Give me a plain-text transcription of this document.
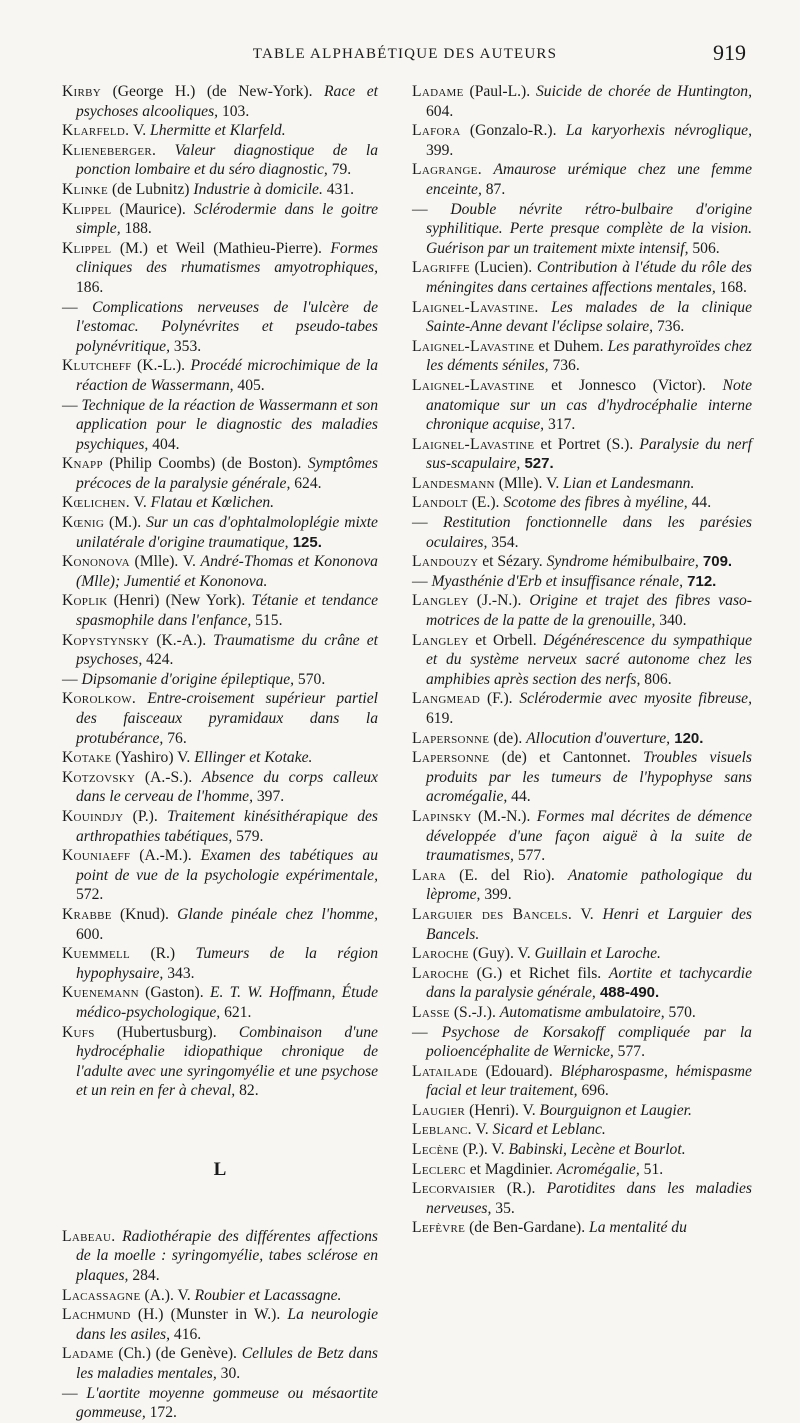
TABLE ALPHABÉTIQUE DES AUTEURS	919

Kirby (George H.) (de New-York). Race et psychoses alcooliques, 103.

Klarfeld. V. Lhermitte et Klarfeld.

Klieneberger. Valeur diagnostique de la ponction lombaire et du séro diagnostic, 79.

Klinke (de Lubnitz) Industrie à domicile. 431.

Klippel (Maurice). Sclérodermie dans le goitre simple, 188.

Klippel (M.) et Weil (Mathieu-Pierre). Formes cliniques des rhumatismes amyotrophiques, 186.

— Complications nerveuses de l'ulcère de l'estomac. Polynévrites et pseudo-tabes polynévritique, 353.

Klutcheff (K.-L.). Procédé microchimique de la réaction de Wassermann, 405.

— Technique de la réaction de Wassermann et son application pour le diagnostic des maladies psychiques, 404.

Knapp (Philip Coombs) (de Boston). Symptômes précoces de la paralysie générale, 624.

Kœlichen. V. Flatau et Kœlichen.

Kœnig (M.). Sur un cas d'ophtalmoloplégie mixte unilatérale d'origine traumatique, 125.

Kononova (Mlle). V. André-Thomas et Kononova (Mlle); Jumentié et Kononova.

Koplik (Henri) (New York). Tétanie et tendance spasmophile dans l'enfance, 515.

Kopystynsky (K.-A.). Traumatisme du crâne et psychoses, 424.

— Dipsomanie d'origine épileptique, 570.

Korolkow. Entre-croisement supérieur partiel des faisceaux pyramidaux dans la protubérance, 76.

Kotake (Yashiro) V. Ellinger et Kotake.

Kotzovsky (A.-S.). Absence du corps calleux dans le cerveau de l'homme, 397.

Kouindjy (P.). Traitement kinésithérapique des arthropathies tabétiques, 579.

Kouniaeff (A.-M.). Examen des tabétiques au point de vue de la psychologie expérimentale, 572.

Krabbe (Knud). Glande pinéale chez l'homme, 600.

Kuemmell (R.) Tumeurs de la région hypophysaire, 343.

Kuenemann (Gaston). E. T. W. Hoffmann, Étude médico-psychologique, 621.

Kufs (Hubertusburg). Combinaison d'une hydrocéphalie idiopathique chronique de l'adulte avec une syringomyélie et une psychose et un rein en fer à cheval, 82.

L

Labeau. Radiothérapie des différentes affections de la moelle : syringomyélie, tabes sclérose en plaques, 284.

Lacassagne (A.). V. Roubier et Lacassagne.

Lachmund (H.) (Munster in W.). La neurologie dans les asiles, 416.

Ladame (Ch.) (de Genève). Cellules de Betz dans les maladies mentales, 30.

— L'aortite moyenne gommeuse ou mésaortite gommeuse, 172.

Ladame (Paul-L.). Suicide de chorée de Huntington, 604.

Lafora (Gonzalo-R.). La karyorhexis névroglique, 399.

Lagrange. Amaurose urémique chez une femme enceinte, 87.

— Double névrite rétro-bulbaire d'origine syphilitique. Perte presque complète de la vision. Guérison par un traitement mixte intensif, 506.

Lagriffe (Lucien). Contribution à l'étude du rôle des méningites dans certaines affections mentales, 168.

Laignel-Lavastine. Les malades de la clinique Sainte-Anne devant l'éclipse solaire, 736.

Laignel-Lavastine et Duhem. Les parathyroïdes chez les déments séniles, 736.

Laignel-Lavastine et Jonnesco (Victor). Note anatomique sur un cas d'hydrocéphalie interne chronique acquise, 317.

Laignel-Lavastine et Portret (S.). Paralysie du nerf sus-scapulaire, 527.

Landesmann (Mlle). V. Lian et Landesmann.

Landolt (E.). Scotome des fibres à myéline, 44.

— Restitution fonctionnelle dans les parésies oculaires, 354.

Landouzy et Sézary. Syndrome hémibulbaire, 709.

— Myasthénie d'Erb et insuffisance rénale, 712.

Langley (J.-N.). Origine et trajet des fibres vaso-motrices de la patte de la grenouille, 340.

Langley et Orbell. Dégénérescence du sympathique et du système nerveux sacré autonome chez les amphibies après section des nerfs, 806.

Langmead (F.). Sclérodermie avec myosite fibreuse, 619.

Lapersonne (de). Allocution d'ouverture, 120.

Lapersonne (de) et Cantonnet. Troubles visuels produits par les tumeurs de l'hypophyse sans acromégalie, 44.

Lapinsky (M.-N.). Formes mal décrites de démence développée d'une façon aiguë à la suite de traumatismes, 577.

Lara (E. del Rio). Anatomie pathologique du lèprome, 399.

Larguier des Bancels. V. Henri et Larguier des Bancels.

Laroche (Guy). V. Guillain et Laroche.

Laroche (G.) et Richet fils. Aortite et tachycardie dans la paralysie générale, 488-490.

Lasse (S.-J.). Automatisme ambulatoire, 570.

— Psychose de Korsakoff compliquée par la polioencéphalite de Wernicke, 577.

Latailade (Edouard). Blépharospasme, hémispasme facial et leur traitement, 696.

Laugier (Henri). V. Bourguignon et Laugier.

Leblanc. V. Sicard et Leblanc.

Lecène (P.). V. Babinski, Lecène et Bourlot.

Leclerc et Magdinier. Acromégalie, 51.

Lecorvaisier (R.). Parotidites dans les maladies nerveuses, 35.

Lefèvre (de Ben-Gardane). La mentalité du
